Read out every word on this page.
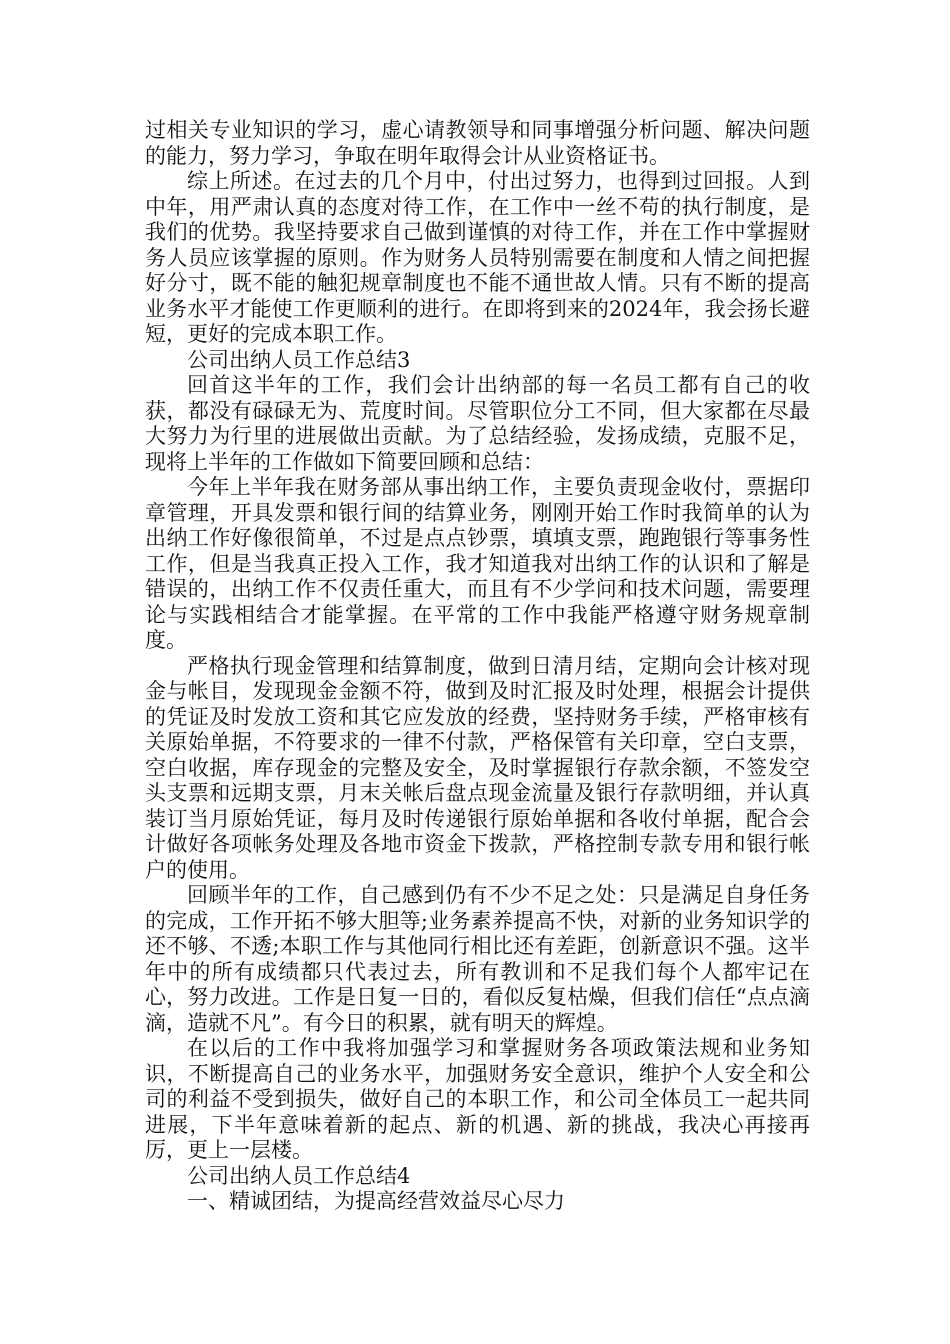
过相关专业知识的学习，虚心请教领导和同事增强分析问题、解决问题的能力，努力学习，争取在明年取得会计从业资格证书。

综上所述。在过去的几个月中，付出过努力，也得到过回报。人到中年，用严肃认真的态度对待工作，在工作中一丝不苟的执行制度，是我们的优势。我坚持要求自己做到谨慎的对待工作，并在工作中掌握财务人员应该掌握的原则。作为财务人员特别需要在制度和人情之间把握好分寸，既不能的触犯规章制度也不能不通世故人情。只有不断的提高业务水平才能使工作更顺利的进行。在即将到来的2024年，我会扬长避短，更好的完成本职工作。

公司出纳人员工作总结3

回首这半年的工作，我们会计出纳部的每一名员工都有自己的收获，都没有碌碌无为、荒度时间。尽管职位分工不同，但大家都在尽最大努力为行里的进展做出贡献。为了总结经验，发扬成绩，克服不足，现将上半年的工作做如下简要回顾和总结：

今年上半年我在财务部从事出纳工作，主要负责现金收付，票据印章管理，开具发票和银行间的结算业务，刚刚开始工作时我简单的认为出纳工作好像很简单，不过是点点钞票，填填支票，跑跑银行等事务性工作，但是当我真正投入工作，我才知道我对出纳工作的认识和了解是错误的，出纳工作不仅责任重大，而且有不少学问和技术问题，需要理论与实践相结合才能掌握。在平常的工作中我能严格遵守财务规章制度。

严格执行现金管理和结算制度，做到日清月结，定期向会计核对现金与帐目，发现现金金额不符，做到及时汇报及时处理，根据会计提供的凭证及时发放工资和其它应发放的经费，坚持财务手续，严格审核有关原始单据，不符要求的一律不付款，严格保管有关印章，空白支票，空白收据，库存现金的完整及安全，及时掌握银行存款余额，不签发空头支票和远期支票，月末关帐后盘点现金流量及银行存款明细，并认真装订当月原始凭证，每月及时传递银行原始单据和各收付单据，配合会计做好各项帐务处理及各地市资金下拨款，严格控制专款专用和银行帐户的使用。

回顾半年的工作，自己感到仍有不少不足之处：只是满足自身任务的完成，工作开拓不够大胆等;业务素养提高不快，对新的业务知识学的还不够、不透;本职工作与其他同行相比还有差距，创新意识不强。这半年中的所有成绩都只代表过去，所有教训和不足我们每个人都牢记在心，努力改进。工作是日复一日的，看似反复枯燥，但我们信任“点点滴滴，造就不凡”。有今日的积累，就有明天的辉煌。

在以后的工作中我将加强学习和掌握财务各项政策法规和业务知识，不断提高自己的业务水平，加强财务安全意识，维护个人安全和公司的利益不受到损失，做好自己的本职工作，和公司全体员工一起共同进展，下半年意味着新的起点、新的机遇、新的挑战，我决心再接再厉，更上一层楼。

公司出纳人员工作总结4

一、精诚团结，为提高经营效益尽心尽力
